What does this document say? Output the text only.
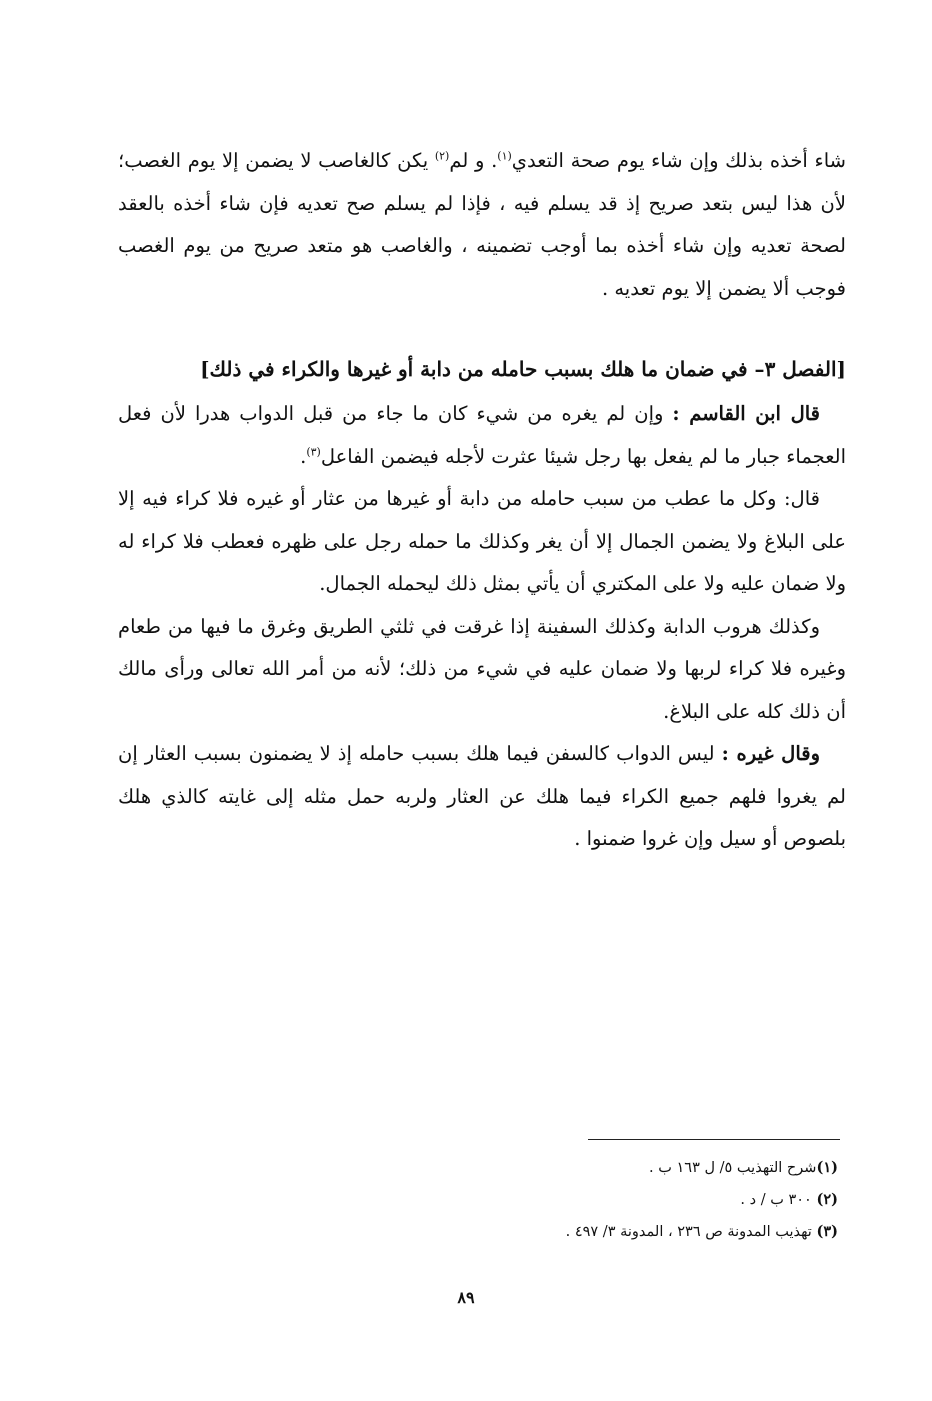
شاء أخذه بذلك وإن شاء يوم صحة التعدي$^{(١)}$. و لم$^{(٢)}$ يكن كالغاصب لا يضمن إلا يوم الغصب؛ لأن هذا ليس بتعد صريح إذ قد يسلم فيه ، فإذا لم يسلم صح تعديه فإن شاء أخذه بالعقد لصحة تعديه وإن شاء أخذه بما أوجب تضمينه ، والغاصب هو متعد صريح من يوم الغصب فوجب ألا يضمن إلا يوم تعديه .
[الفصل ٣– في ضمان ما هلك بسبب حامله من دابة أو غيرها والكراء في ذلك]

قال ابن القاسم : وإن لم يغره من شيء كان ما جاء من قبل الدواب هدرا لأن فعل العجماء جبار ما لم يفعل بها رجل شيئا عثرت لأجله فيضمن الفاعل$^{(٣)}$.

قال: وكل ما عطب من سبب حامله من دابة أو غيرها من عثار أو غيره فلا كراء فيه إلا على البلاغ ولا يضمن الجمال إلا أن يغر وكذلك ما حمله رجل على ظهره فعطب فلا كراء له ولا ضمان عليه ولا على المكتري أن يأتي بمثل ذلك ليحمله الجمال.

وكذلك هروب الدابة وكذلك السفينة إذا غرقت في ثلثي الطريق وغرق ما فيها من طعام وغيره فلا كراء لربها ولا ضمان عليه في شيء من ذلك؛ لأنه من أمر الله تعالى ورأى مالك أن ذلك كله على البلاغ.

وقال غيره : ليس الدواب كالسفن فيما هلك بسبب حامله إذ لا يضمنون بسبب العثار إن لم يغروا فلهم جميع الكراء فيما هلك عن العثار ولربه حمل مثله إلى غايته كالذي هلك بلصوص أو سيل وإن غروا ضمنوا .

(١)شرح التهذيب ٥/ ل ١٦٣ ب .
(٢) ٣٠٠ ب / د .
(٣) تهذيب المدونة ص ٢٣٦ ، المدونة ٣/ ٤٩٧ .
٨٩
